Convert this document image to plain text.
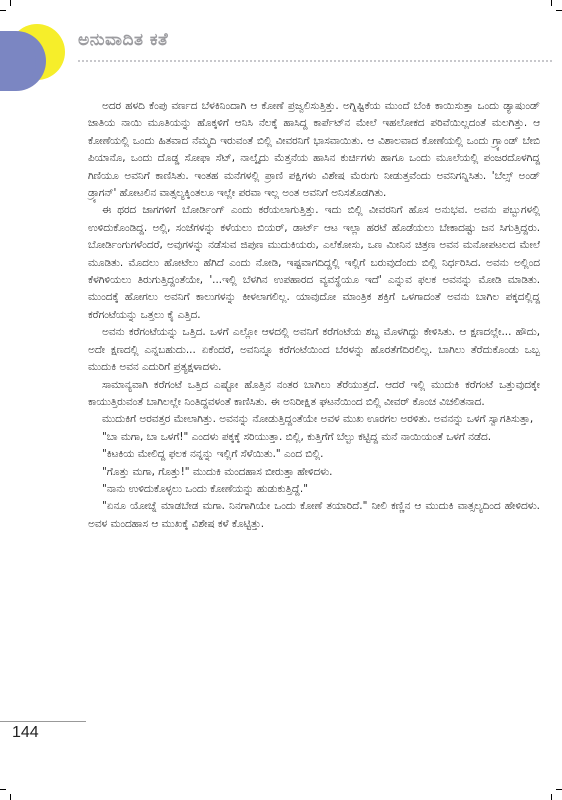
ಅನುವಾದಿತ ಕತೆ

ಅದರ ಹಳದಿ ಕೆಂಪು ವರ್ಣದ ಬೆಳಕಿನಿಂದಾಗಿ ಆ ಕೋಣೆ ಪ್ರಜ್ವಲಿಸುತ್ತಿತ್ತು. ಅಗ್ನಿಷ್ಟಿಕೆಯ ಮುಂದೆ ಬೆಂಕಿ ಕಾಯಿಸುತ್ತಾ ಒಂದು ಡ್ಯಾಷುಂಡ್ ಜಾತಿಯ ನಾಯಿ ಮೂತಿಯನ್ನು ಹೊಕ್ಕಳಿಗೆ ಆನಿಸಿ ನೆಲಕ್ಕೆ ಹಾಸಿದ್ದ ಕಾರ್ಪೆಟ್‌ನ ಮೇಲೆ ಇಹಲೋಕದ ಪರಿವೆಯಿಲ್ಲದಂತೆ ಮಲಗಿತ್ತು. ಆ ಕೋಣೆಯಲ್ಲಿ ಒಂದು ಹಿತವಾದ ನೆಮ್ಮದಿ ಇರುವಂತೆ ಬಿಲ್ಲಿ ವೀವರನಿಗೆ ಭಾಸವಾಯಿತು. ಆ ವಿಶಾಲವಾದ ಕೋಣೆಯಲ್ಲಿ ಒಂದು ಗ್ರ್ಯಾಂಡ್ ಬೇಬಿ ಪಿಯಾನೊ, ಒಂದು ದೊಡ್ಡ ಸೋಫಾ ಸೆಟ್, ನಾಲ್ಕೈದು ಮೆತ್ತನೆಯ ಹಾಸಿನ ಕುರ್ಚಿಗಳು ಹಾಗೂ ಒಂದು ಮೂಲೆಯಲ್ಲಿ ಪಂಜರದೊಳಗಿದ್ದ ಗಿಣಿಯೂ ಅವನಿಗೆ ಕಾಣಿಸಿತು. ಇಂತಹ ಮನೆಗಳಲ್ಲಿ ಪ್ರಾಣಿ ಪಕ್ಷಿಗಳು ವಿಶೇಷ ಮೆರುಗು ನೀಡುತ್ತವೆಂದು ಅವನಿಗನ್ನಿಸಿತು. 'ಬೆಲ್ಸ್ ಅಂಡ್ ಡ್ರ್ಯಾಗನ್' ಹೋಟಲಿನ ವಾತ್ಸಲ್ಯಕ್ಕಿಂತಲೂ ಇಲ್ಲೇ ಪರವಾ ಇಲ್ಲ ಅಂತ ಅವನಿಗೆ ಅನಿಸತೊಡಗಿತು.

ಈ ಥರದ ಜಾಗಗಳಿಗೆ ಬೋರ್ಡಿಂಗ್ ಎಂದು ಕರೆಯಲಾಗುತ್ತಿತ್ತು. ಇದು ಬಿಲ್ಲಿ ವೀವರನಿಗೆ ಹೊಸ ಅನುಭವ. ಅವನು ಪಬ್ಬುಗಳಲ್ಲಿ ಉಳಿದುಕೊಂಡಿದ್ದ. ಅಲ್ಲಿ, ಸಂಜೆಗಳನ್ನು ಕಳೆಯಲು ಬಿಯರ್, ಡಾರ್ಟ್ ಆಟ ಇಲ್ಲಾ ಹರಟೆ ಹೊಡೆಯಲು ಬೇಕಾದಷ್ಟು ಜನ ಸಿಗುತ್ತಿದ್ದರು. ಬೋರ್ಡಿಂಗುಗಳೆಂದರೆ, ಅವುಗಳನ್ನು ನಡೆಸುವ ಜಿಪುಣ ಮುದುಕಿಯರು, ಎಲೆಕೋಸು, ಒಣ ಮೀನಿನ ಚಿತ್ರಣ ಅವನ ಮನೋಪಟಲದ ಮೇಲೆ ಮೂಡಿತು. ಮೊದಲು ಹೋಟೆಲು ಹೆಗಿದೆ ಎಂದು ನೋಡಿ, ಇಷ್ಟವಾಗದಿದ್ದಲ್ಲಿ ಇಲ್ಲಿಗೆ ಬರುವುದೆಂದು ಬಿಲ್ಲಿ ನಿರ್ಧರಿಸಿದ. ಅವನು ಅಲ್ಲಿಂದ ಕೆಳಗಿಳಿಯಲು ತಿರುಗುತ್ತಿದ್ದಂತೆಯೇ, '...ಇಲ್ಲಿ ಬೆಳಗಿನ ಉಪಹಾರದ ವ್ಯವಸ್ಥೆಯೂ ಇದೆ' ಎನ್ನುವ ಫಲಕ ಅವನನ್ನು ಮೋಡಿ ಮಾಡಿತು. ಮುಂದಕ್ಕೆ ಹೋಗಲು ಅವನಿಗೆ ಕಾಲುಗಳನ್ನು ಕೀಳಲಾಗಲಿಲ್ಲ. ಯಾವುದೋ ಮಾಂತ್ರಿಕ ಶಕ್ತಿಗೆ ಒಳಗಾದಂತೆ ಅವನು ಬಾಗಿಲ ಪಕ್ಕದಲ್ಲಿದ್ದ ಕರೆಗಂಟೆಯನ್ನು ಒತ್ತಲು ಕೈ ಎತ್ತಿದ.

ಅವನು ಕರೆಗಂಟೆಯನ್ನು ಒತ್ತಿದ. ಒಳಗೆ ಎಲ್ಲೋ ಆಳದಲ್ಲಿ ಅವನಿಗೆ ಕರೆಗಂಟೆಯ ಶಬ್ದ ಮೊಳಗಿದ್ದು ಕೇಳಿಸಿತು. ಆ ಕ್ಷಣದಲ್ಲೇ... ಹೌದು, ಅದೇ ಕ್ಷಣದಲ್ಲಿ ಎನ್ನಬಹುದು... ಏಕೆಂದರೆ, ಅವನಿನ್ನೂ ಕರೆಗಂಟೆಯಿಂದ ಬೆರಳನ್ನು ಹೊರತೆಗೆದಿರಲಿಲ್ಲ. ಬಾಗಿಲು ತೆರೆದುಕೊಂಡು ಒಬ್ಬ ಮುದುಕಿ ಅವನ ಎದುರಿಗೆ ಪ್ರತ್ಯಕ್ಷಳಾದಳು.

ಸಾಮಾನ್ಯವಾಗಿ ಕರೆಗಂಟೆ ಒತ್ತಿದ ಎಷ್ಟೋ ಹೊತ್ತಿನ ನಂತರ ಬಾಗಿಲು ತೆರೆಯುತ್ತದೆ. ಆದರೆ ಇಲ್ಲಿ ಮುದುಕಿ ಕರೆಗಂಟೆ ಒತ್ತುವುದಕ್ಕೇ ಕಾಯುತ್ತಿರುವಂತೆ ಬಾಗಿಲಲ್ಲೇ ನಿಂತಿದ್ದವಳಂತೆ ಕಾಣಿಸಿತು. ಈ ಅನಿರೀಕ್ಷಿತ ಘಟನೆಯಿಂದ ಬಿಲ್ಲಿ ವೀವರ್ ಕೊಂಚ ವಿಚಲಿತನಾದ.

ಮುದುಕಿಗೆ ಅರವತ್ತರ ಮೇಲಾಗಿತ್ತು. ಅವನನ್ನು ನೋಡುತ್ತಿದ್ದಂತೆಯೇ ಅವಳ ಮುಖ ಊರಗಲ ಅರಳಿತು. ಅವನನ್ನು ಒಳಗೆ ಸ್ವಾಗತಿಸುತ್ತಾ,

"ಬಾ ಮಗಾ, ಬಾ ಒಳಗೆ!" ಎಂದಳು ಪಕ್ಕಕ್ಕೆ ಸರಿಯುತ್ತಾ. ಬಿಲ್ಲಿ, ಕುತ್ತಿಗೆಗೆ ಬೆಲ್ಟು ಕಟ್ಟಿದ್ದ ಮನೆ ನಾಯಿಯಂತೆ ಒಳಗೆ ನಡೆದ.

"ಕಿಟಕಿಯ ಮೇಲಿದ್ದ ಫಲಕ ನನ್ನನ್ನು ಇಲ್ಲಿಗೆ ಸೆಳೆಯಿತು." ಎಂದ ಬಿಲ್ಲಿ.

"ಗೊತ್ತು ಮಗಾ, ಗೊತ್ತು!" ಮುದುಕಿ ಮಂದಹಾಸ ಬೀರುತ್ತಾ ಹೇಳಿದಳು.

"ನಾನು ಉಳಿದುಕೊಳ್ಳಲು ಒಂದು ಕೋಣೆಯನ್ನು ಹುಡುಕುತ್ತಿದ್ದೆ."

"ಏನೂ ಯೋಚ್ನೆ ಮಾಡಬೇಡ ಮಗಾ. ನಿನಗಾಗಿಯೇ ಒಂದು ಕೋಣೆ ತಯಾರಿದೆ." ನೀಲಿ ಕಣ್ಣಿನ ಆ ಮುದುಕಿ ವಾತ್ಸಲ್ಯದಿಂದ ಹೇಳಿದಳು. ಅವಳ ಮಂದಹಾಸ ಆ ಮುಖಕ್ಕೆ ವಿಶೇಷ ಕಳೆ ಕೊಟ್ಟಿತ್ತು.

144
